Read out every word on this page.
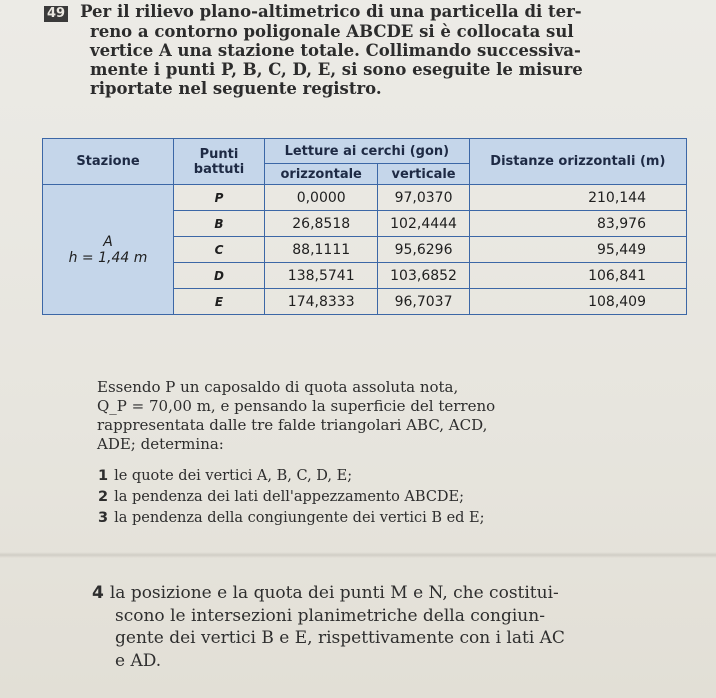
49 Per il rilievo plano-altimetrico di una particella di ter-
reno a contorno poligonale ABCDE si è collocata sul
vertice A una stazione totale. Collimando successiva-
mente i punti P, B, C, D, E, si sono eseguite le misure
riportate nel seguente registro.
Stazione	Punti battuti	Letture ai cerchi (gon)		Distanze orizzontali (m)
		orizzontale	verticale	

A
h = 1,44 m	P	0,0000	97,0370	210,144
	B	26,8518	102,4444	83,976
	C	88,1111	95,6296	95,449
	D	138,5741	103,6852	106,841
	E	174,8333	96,7037	108,409
Essendo P un caposaldo di quota assoluta nota,
Q_P = 70,00 m, e pensando la superficie del terreno
rappresentata dalle tre falde triangolari ABC, ACD,
ADE; determina:
1 le quote dei vertici A, B, C, D, E;
2 la pendenza dei lati dell'appezzamento ABCDE;
3 la pendenza della congiungente dei vertici B ed E;
4 la posizione e la quota dei punti M e N, che costitui-
scono le intersezioni planimetriche della congiun-
gente dei vertici B e E, rispettivamente con i lati AC
e AD.
